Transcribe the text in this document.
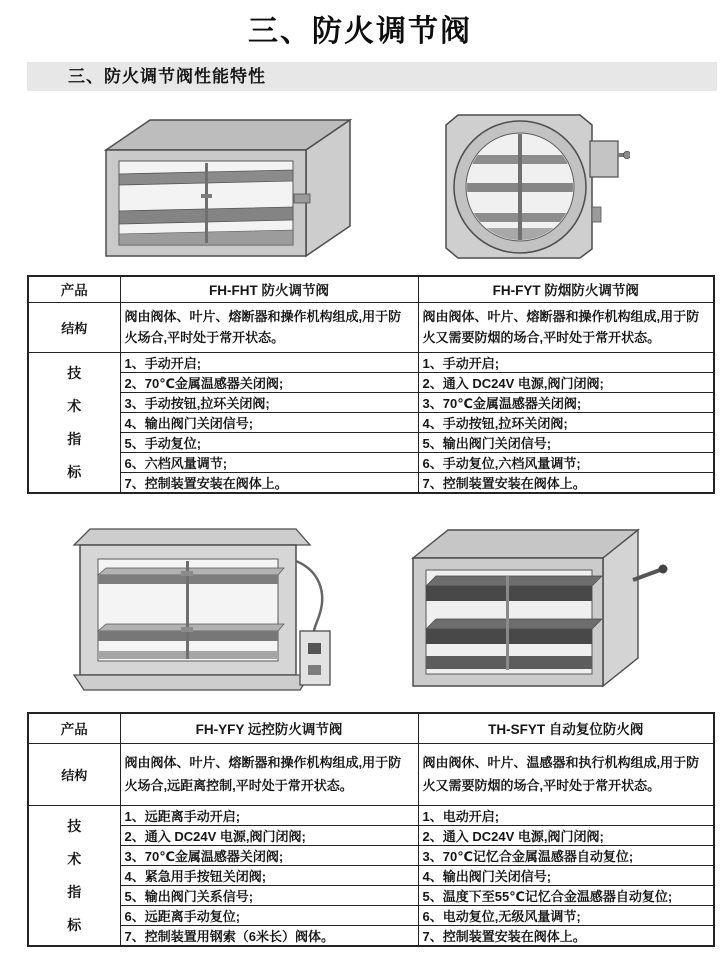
三、防火调节阀
三、防火调节阀性能特性
产品	FH-FHT 防火调节阀	FH-FYT 防烟防火调节阀
结构	阀由阀体、叶片、熔断器和操作机构组成,用于防火场合,平时处于常开状态。	阀由阀体、叶片、熔断器和操作机构组成,用于防火又需要防烟的场合,平时处于常开状态。

技
术
指
标	1、手动开启;	1、手动开启;
	2、70℃金属温感器关闭阀;	2、通入 DC24V 电源,阀门闭阀;
	3、手动按钮,拉环关闭阀;	3、70℃金属温感器关闭阀;
	4、输出阀门关闭信号;	4、手动按钮,拉环关闭阀;
	5、手动复位;	5、输出阀门关闭信号;
	6、六档风量调节;	6、手动复位,六档风量调节;
	7、控制装置安装在阀体上。	7、控制装置安装在阀体上。
产品	FH-YFY 远控防火调节阀	TH-SFYT 自动复位防火阀
结构	阀由阀体、叶片、熔断器和操作机构组成,用于防火场合,远距离控制,平时处于常开状态。	阀由阀休、叶片、温感器和执行机构组成,用于防火又需要防烟的场合,平时处于常开状态。

技
术
指
标	1、远距离手动开启;	1、电动开启;
	2、通入 DC24V 电源,阀门闭阀;	2、通入 DC24V 电源,阀门闭阀;
	3、70℃金属温感器关闭阀;	3、70℃记忆合金属温感器自动复位;
	4、紧急用手按钮关闭阀;	4、输出阀门关闭信号;
	5、输出阀门关系信号;	5、温度下至55℃记忆合金温感器自动复位;
	6、远距离手动复位;	6、电动复位,无级风量调节;
	7、控制装置用钢索（6米长）阀体。	7、控制装置安装在阀体上。
